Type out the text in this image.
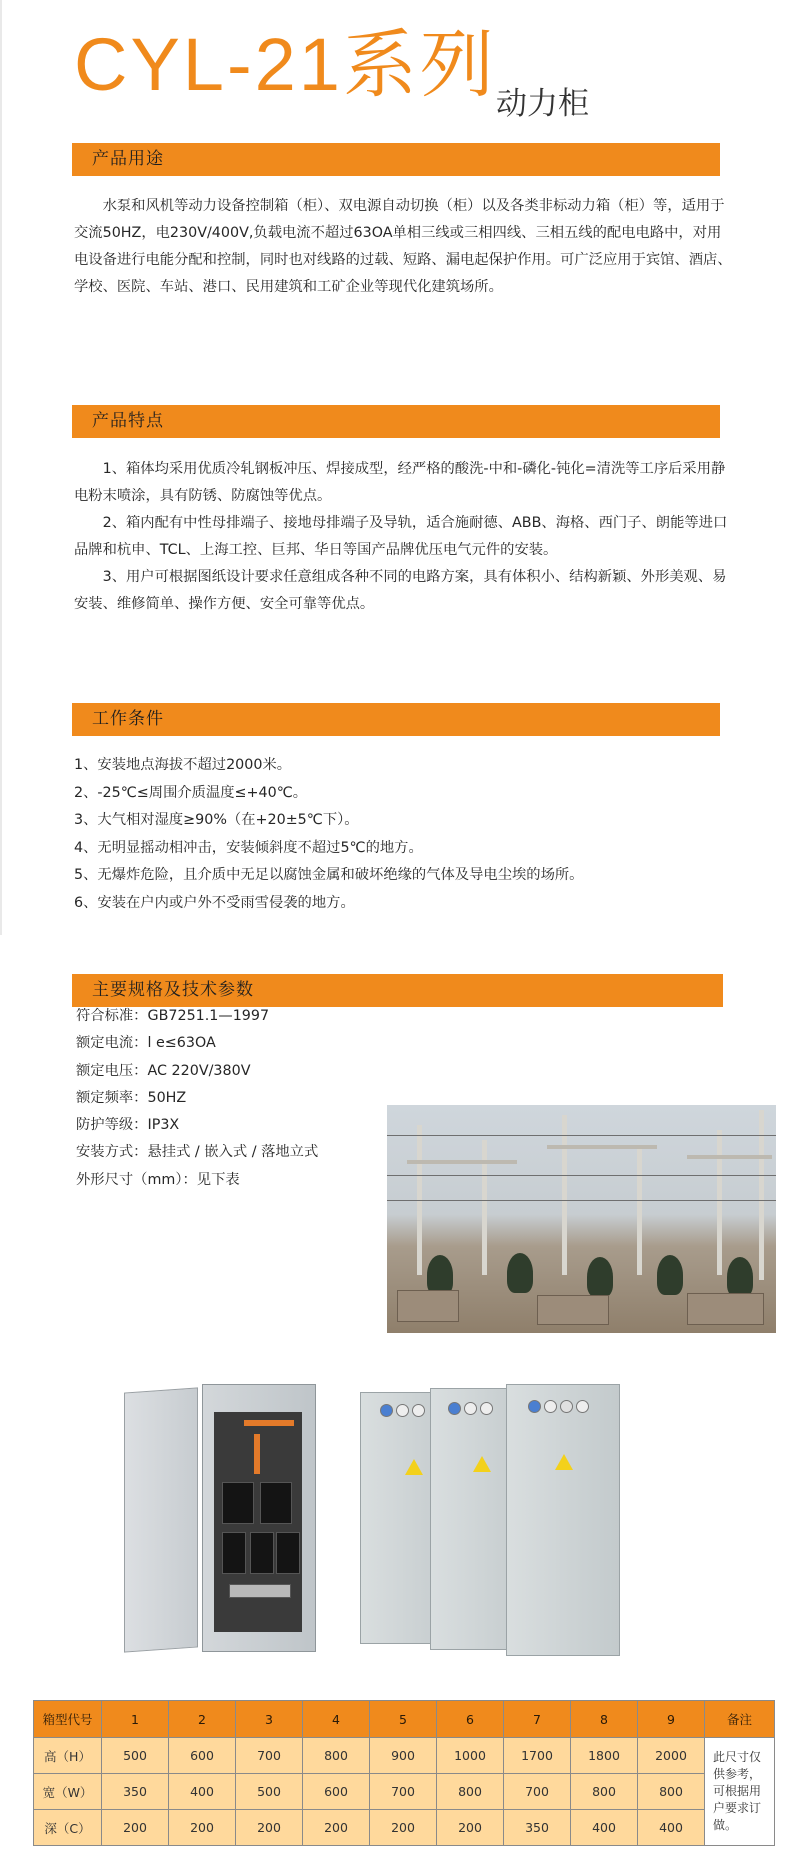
CYL-21系列 动力柜
产品用途

水泵和风机等动力设备控制箱（柜）、双电源自动切换（柜）以及各类非标动力箱（柜）等，适用于交流50HZ，电230V/400V,负载电流不超过63OA单相三线或三相四线、三相五线的配电电路中，对用电设备进行电能分配和控制，同时也对线路的过载、短路、漏电起保护作用。可广泛应用于宾馆、酒店、学校、医院、车站、港口、民用建筑和工矿企业等现代化建筑场所。

产品特点

1、箱体均采用优质冷轧钢板冲压、焊接成型，经严格的酸洗-中和-磷化-钝化=清洗等工序后采用静电粉末喷涂，具有防锈、防腐蚀等优点。

2、箱内配有中性母排端子、接地母排端子及导轨，适合施耐德、ABB、海格、西门子、朗能等进口品牌和杭申、TCL、上海工控、巨邦、华日等国产品牌优压电气元件的安装。

3、用户可根据图纸设计要求任意组成各种不同的电路方案，具有体积小、结构新颖、外形美观、易安装、维修简单、操作方便、安全可靠等优点。

工作条件
1、安装地点海拔不超过2000米。
2、-25℃≤周围介质温度≤+40℃。
3、大气相对湿度≥90%（在+20±5℃下）。
4、无明显摇动相冲击，安装倾斜度不超过5℃的地方。
5、无爆炸危险，且介质中无足以腐蚀金属和破坏绝缘的气体及导电尘埃的场所。
6、安装在户内或户外不受雨雪侵袭的地方。
主要规格及技术参数
符合标准：GB7251.1—1997
额定电流：l e≤63OA
额定电压：AC 220V/380V
额定频率：50HZ
防护等级：IP3X
安装方式：悬挂式 / 嵌入式 / 落地立式
外形尺寸（mm）：见下表
箱型代号	1	2	3	4	5	6	7	8	9	备注
高（H）	500	600	700	800	900	1000	1700	1800	2000	此尺寸仅供参考，可根据用户要求订做。
宽（W）	350	400	500	600	700	800	700	800	800	
深（C）	200	200	200	200	200	200	350	400	400	
